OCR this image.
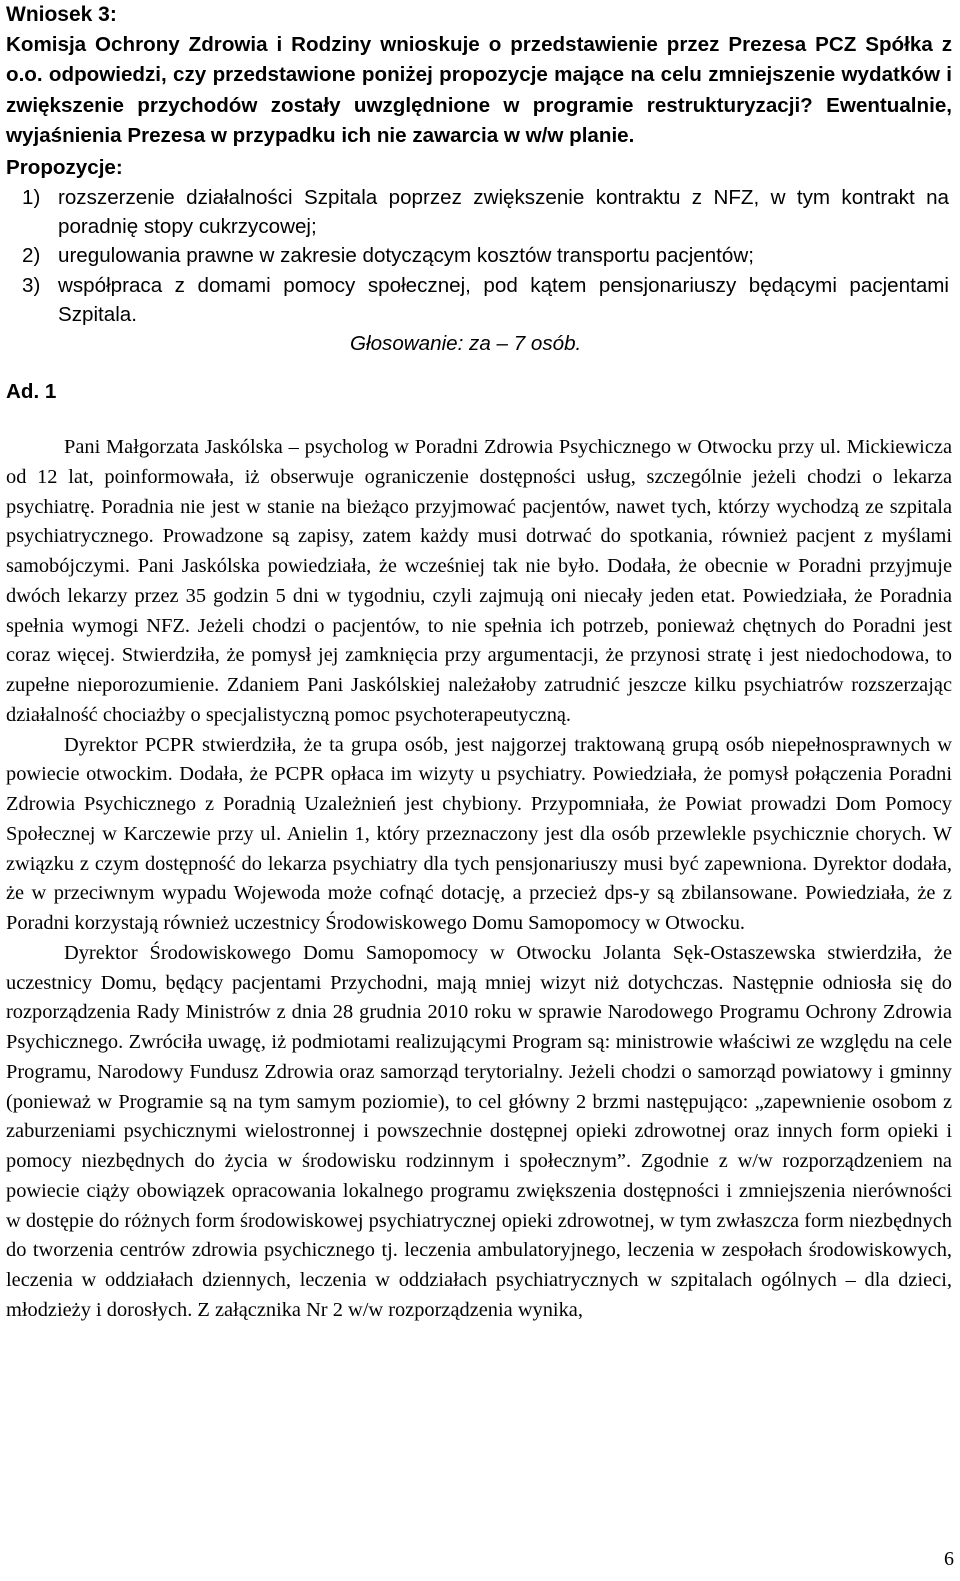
Wniosek 3:

Komisja Ochrony Zdrowia i Rodziny wnioskuje o przedstawienie przez Prezesa PCZ Spółka z o.o. odpowiedzi, czy przedstawione poniżej propozycje mające na celu zmniejszenie wydatków i zwiększenie przychodów zostały uwzględnione w programie restrukturyzacji? Ewentualnie, wyjaśnienia Prezesa w przypadku ich nie zawarcia w w/w planie.

Propozycje:

1) rozszerzenie działalności Szpitala poprzez zwiększenie kontraktu z NFZ, w tym kontrakt na poradnię stopy cukrzycowej;
2) uregulowania prawne w zakresie dotyczącym kosztów transportu pacjentów;
3) współpraca z domami pomocy społecznej, pod kątem pensjonariuszy będącymi pacjentami Szpitala.

Głosowanie: za – 7 osób.

Ad. 1

Pani Małgorzata Jaskólska – psycholog w Poradni Zdrowia Psychicznego w Otwocku przy ul. Mickiewicza od 12 lat, poinformowała, iż obserwuje ograniczenie dostępności usług, szczególnie jeżeli chodzi o lekarza psychiatrę. Poradnia nie jest w stanie na bieżąco przyjmować pacjentów, nawet tych, którzy wychodzą ze szpitala psychiatrycznego. Prowadzone są zapisy, zatem każdy musi dotrwać do spotkania, również pacjent z myślami samobójczymi. Pani Jaskólska powiedziała, że wcześniej tak nie było. Dodała, że obecnie w Poradni przyjmuje dwóch lekarzy przez 35 godzin 5 dni w tygodniu, czyli zajmują oni niecały jeden etat. Powiedziała, że Poradnia spełnia wymogi NFZ. Jeżeli chodzi o pacjentów, to nie spełnia ich potrzeb, ponieważ chętnych do Poradni jest coraz więcej. Stwierdziła, że pomysł jej zamknięcia przy argumentacji, że przynosi stratę i jest niedochodowa, to zupełne nieporozumienie. Zdaniem Pani Jaskólskiej należałoby zatrudnić jeszcze kilku psychiatrów rozszerzając działalność chociażby o specjalistyczną pomoc psychoterapeutyczną.

Dyrektor PCPR stwierdziła, że ta grupa osób, jest najgorzej traktowaną grupą osób niepełnosprawnych w powiecie otwockim. Dodała, że PCPR opłaca im wizyty u psychiatry. Powiedziała, że pomysł połączenia Poradni Zdrowia Psychicznego z Poradnią Uzależnień jest chybiony. Przypomniała, że Powiat prowadzi Dom Pomocy Społecznej w Karczewie przy ul. Anielin 1, który przeznaczony jest dla osób przewlekle psychicznie chorych. W związku z czym dostępność do lekarza psychiatry dla tych pensjonariuszy musi być zapewniona. Dyrektor dodała, że w przeciwnym wypadu Wojewoda może cofnąć dotację, a przecież dps-y są zbilansowane. Powiedziała, że z Poradni korzystają również uczestnicy Środowiskowego Domu Samopomocy w Otwocku.

Dyrektor Środowiskowego Domu Samopomocy w Otwocku Jolanta Sęk-Ostaszewska stwierdziła, że uczestnicy Domu, będący pacjentami Przychodni, mają mniej wizyt niż dotychczas. Następnie odniosła się do rozporządzenia Rady Ministrów z dnia 28 grudnia 2010 roku w sprawie Narodowego Programu Ochrony Zdrowia Psychicznego. Zwróciła uwagę, iż podmiotami realizującymi Program są: ministrowie właściwi ze względu na cele Programu, Narodowy Fundusz Zdrowia oraz samorząd terytorialny. Jeżeli chodzi o samorząd powiatowy i gminny (ponieważ w Programie są na tym samym poziomie), to cel główny 2 brzmi następująco: „zapewnienie osobom z zaburzeniami psychicznymi wielostronnej i powszechnie dostępnej opieki zdrowotnej oraz innych form opieki i pomocy niezbędnych do życia w środowisku rodzinnym i społecznym”. Zgodnie z w/w rozporządzeniem na powiecie ciąży obowiązek opracowania lokalnego programu zwiększenia dostępności i zmniejszenia nierówności w dostępie do różnych form środowiskowej psychiatrycznej opieki zdrowotnej, w tym zwłaszcza form niezbędnych do tworzenia centrów zdrowia psychicznego tj. leczenia ambulatoryjnego, leczenia w zespołach środowiskowych, leczenia w oddziałach dziennych, leczenia w oddziałach psychiatrycznych w szpitalach ogólnych – dla dzieci, młodzieży i dorosłych. Z załącznika Nr 2 w/w rozporządzenia wynika,

6
